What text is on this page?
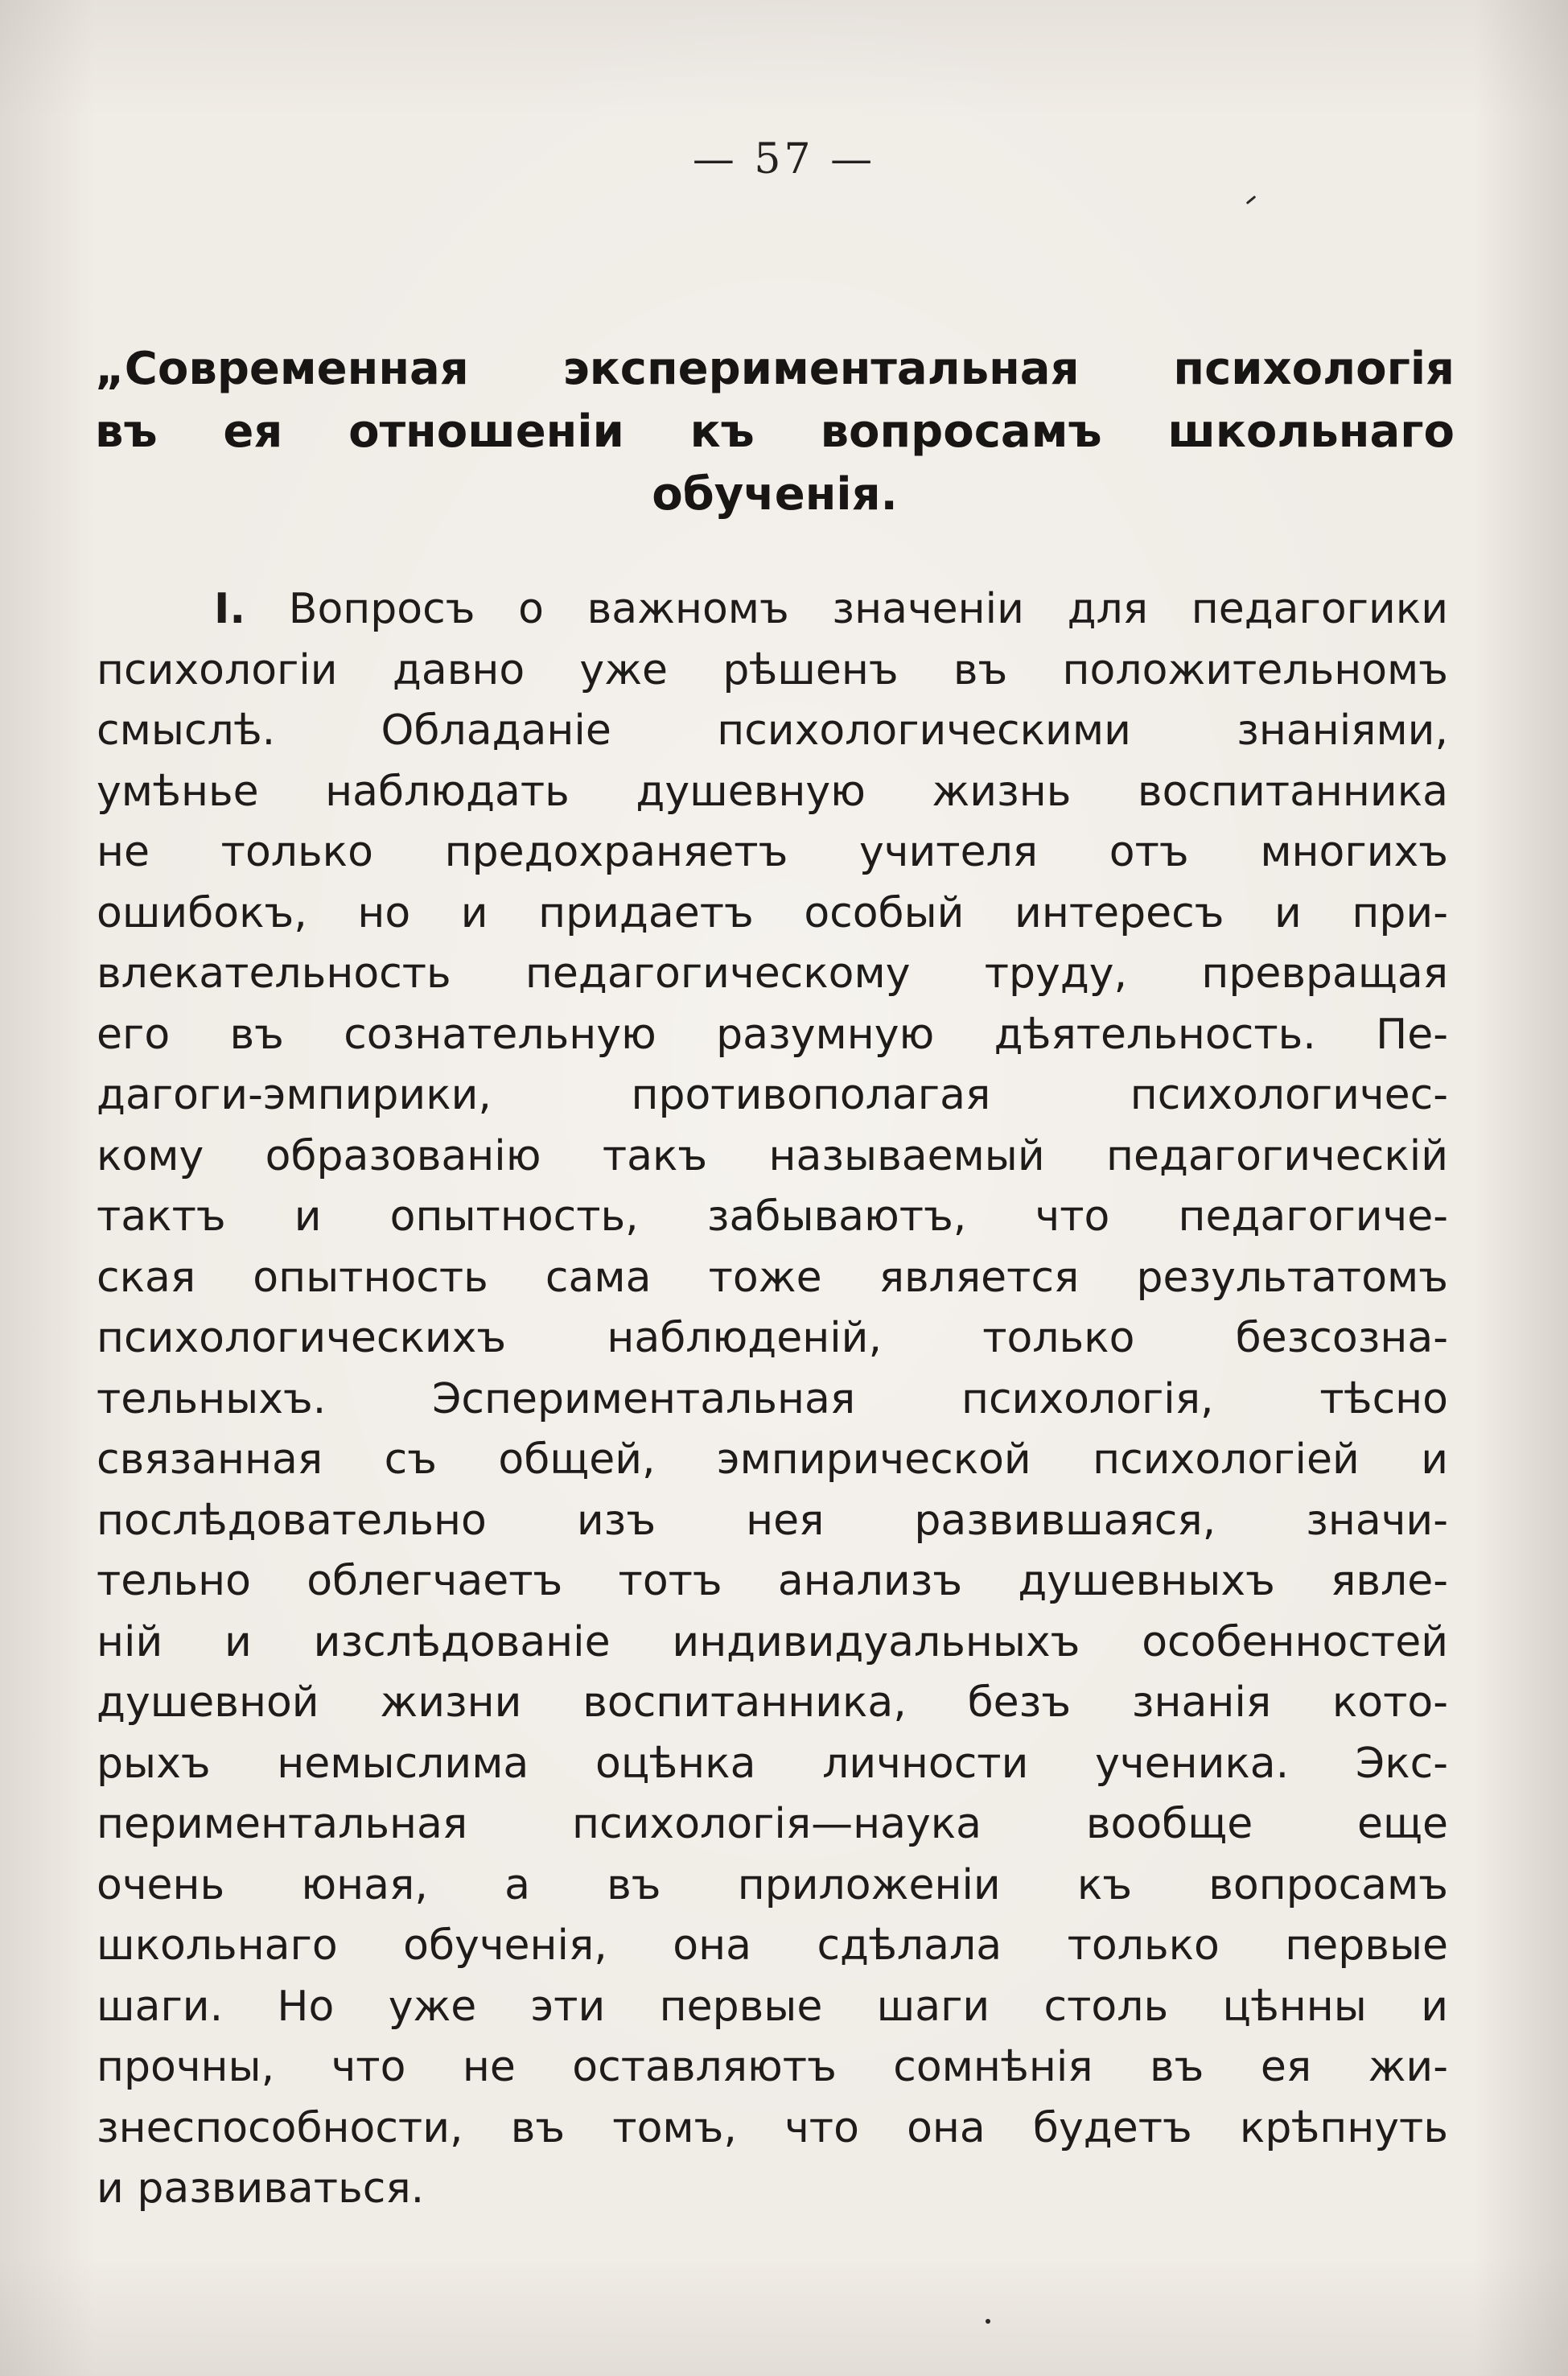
— 57 —
„Современная экспериментальная психологія
въ ея отношеніи къ вопросамъ школьнаго
обученія.
I. Вопросъ о важномъ значеніи для педагогики
психологіи давно уже рѣшенъ въ положительномъ
смыслѣ. Обладаніе психологическими знаніями,
умѣнье наблюдать душевную жизнь воспитанника
не только предохраняетъ учителя отъ многихъ
ошибокъ, но и придаетъ особый интересъ и при-
влекательность педагогическому труду, превращая
его въ сознательную разумную дѣятельность. Пе-
дагоги-эмпирики, противополагая психологичес-
кому образованію такъ называемый педагогическій
тактъ и опытность, забываютъ, что педагогиче-
ская опытность сама тоже является результатомъ
психологическихъ наблюденій, только безсозна-
тельныхъ. Эспериментальная психологія, тѣсно
связанная съ общей, эмпирической психологіей и
послѣдовательно изъ нея развившаяся, значи-
тельно облегчаетъ тотъ анализъ душевныхъ явле-
ній и изслѣдованіе индивидуальныхъ особенностей
душевной жизни воспитанника, безъ знанія кото-
рыхъ немыслима оцѣнка личности ученика. Экс-
периментальная психологія—наука вообще еще
очень юная, а въ приложеніи къ вопросамъ
школьнаго обученія, она сдѣлала только первые
шаги. Но уже эти первые шаги столь цѣнны и
прочны, что не оставляютъ сомнѣнія въ ея жи-
знеспособности, въ томъ, что она будетъ крѣпнуть
и развиваться.
